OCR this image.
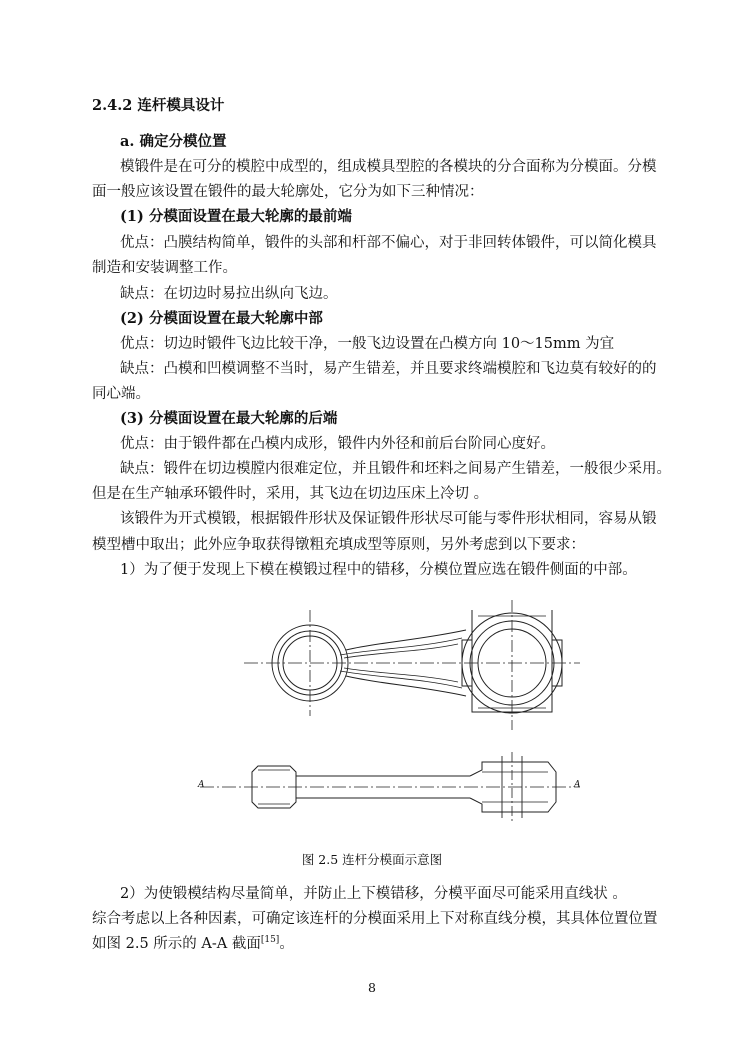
2.4.2 连杆模具设计
a. 确定分模位置
模锻件是在可分的模腔中成型的，组成模具型腔的各模块的分合面称为分模面。分模
面一般应该设置在锻件的最大轮廓处，它分为如下三种情况：
(1) 分模面设置在最大轮廓的最前端
优点：凸膜结构简单，锻件的头部和杆部不偏心，对于非回转体锻件，可以简化模具
制造和安装调整工作。
缺点：在切边时易拉出纵向飞边。
(2) 分模面设置在最大轮廓中部
优点：切边时锻件飞边比较干净，一般飞边设置在凸模方向 10～15mm 为宜
缺点：凸模和凹模调整不当时，易产生错差，并且要求终端模腔和飞边莫有较好的的
同心端。
(3) 分模面设置在最大轮廓的后端
优点：由于锻件都在凸模内成形，锻件内外径和前后台阶同心度好。
缺点：锻件在切边模膛内很难定位，并且锻件和坯料之间易产生错差，一般很少采用。
但是在生产轴承环锻件时，采用，其飞边在切边压床上冷切 。
该锻件为开式模锻，根据锻件形状及保证锻件形状尽可能与零件形状相同，容易从锻
模型槽中取出；此外应争取获得镦粗充填成型等原则，另外考虑到以下要求：
1）为了便于发现上下模在模锻过程中的错移，分模位置应选在锻件侧面的中部。
A	A
图 2.5 连杆分模面示意图
2）为使锻模结构尽量简单，并防止上下模错移，分模平面尽可能采用直线状 。
综合考虑以上各种因素，可确定该连杆的分模面采用上下对称直线分模，其具体位置位置
如图 2.5 所示的 A-A 截面[15]。
8
